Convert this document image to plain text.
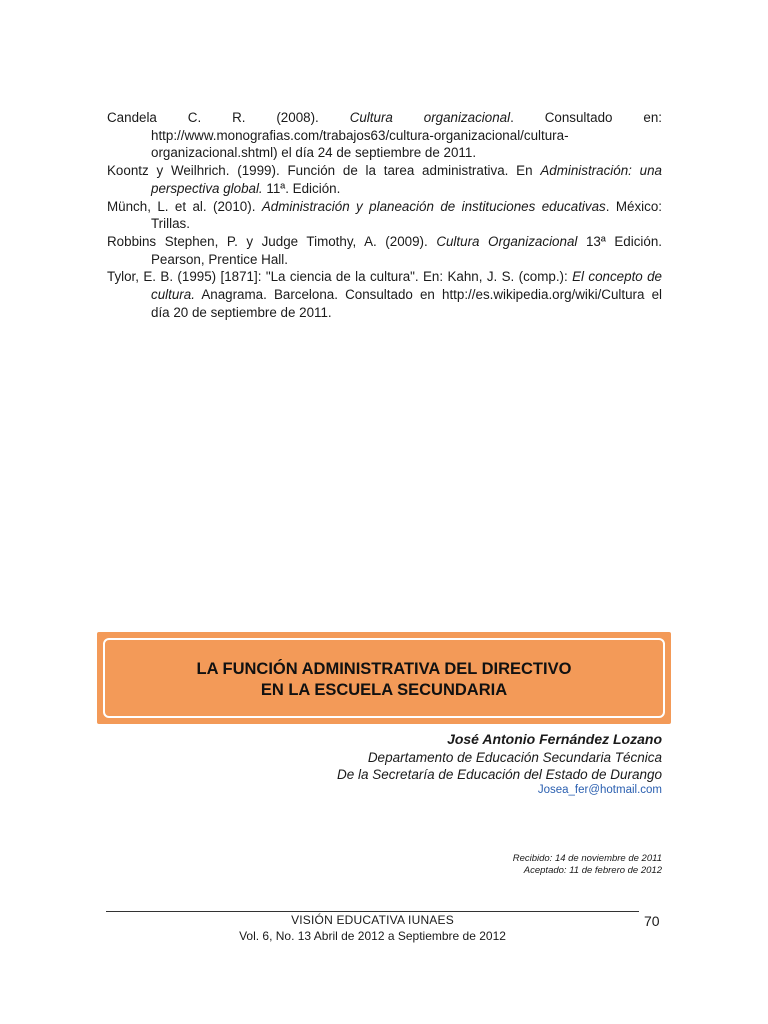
Candela C. R. (2008). Cultura organizacional. Consultado en: http://www.monografias.com/trabajos63/cultura-organizacional/cultura-organizacional.shtml) el día 24 de septiembre de 2011.

Koontz y Weilhrich. (1999). Función de la tarea administrativa. En Administración: una perspectiva global. 11ª. Edición.

Münch, L. et al. (2010). Administración y planeación de instituciones educativas. México: Trillas.

Robbins Stephen, P. y Judge Timothy, A. (2009). Cultura Organizacional 13ª Edición. Pearson, Prentice Hall.

Tylor, E. B. (1995) [1871]: "La ciencia de la cultura". En: Kahn, J. S. (comp.): El concepto de cultura. Anagrama. Barcelona. Consultado en http://es.wikipedia.org/wiki/Cultura el día 20 de septiembre de 2011.

LA FUNCIÓN ADMINISTRATIVA DEL DIRECTIVO
EN LA ESCUELA SECUNDARIA
José Antonio Fernández Lozano
Departamento de Educación Secundaria Técnica
De la Secretaría de Educación del Estado de Durango
Josea_fer@hotmail.com
Recibido: 14 de noviembre de 2011
Aceptado: 11 de febrero de 2012
VISIÓN EDUCATIVA IUNAES
Vol. 6, No. 13 Abril de 2012 a Septiembre de 2012
70
